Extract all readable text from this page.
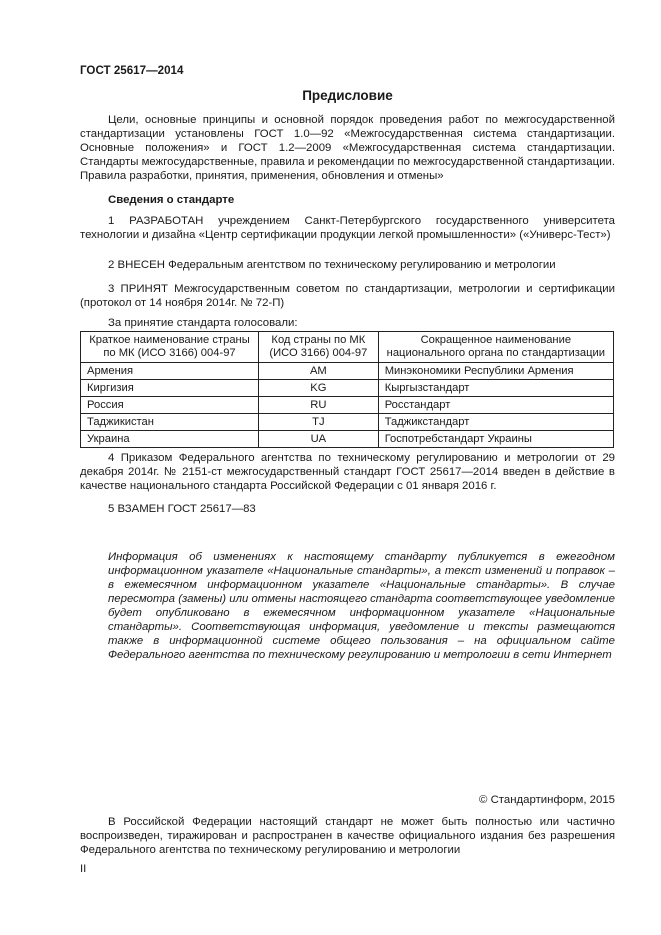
ГОСТ 25617—2014
Предисловие
Цели, основные принципы и основной порядок проведения работ по межгосударственной стандартизации установлены ГОСТ 1.0—92 «Межгосударственная система стандартизации. Основные положения» и ГОСТ 1.2—2009 «Межгосударственная система стандартизации. Стандарты межгосударственные, правила и рекомендации по межгосударственной стандартизации. Правила разработки, принятия, применения, обновления и отмены»
Сведения о стандарте
1 РАЗРАБОТАН учреждением Санкт-Петербургского государственного университета технологии и дизайна «Центр сертификации продукции легкой промышленности» («Универс-Тест»)
2 ВНЕСЕН Федеральным агентством по техническому регулированию и метрологии
3 ПРИНЯТ Межгосударственным советом по стандартизации, метрологии и сертификации (протокол от 14 ноября 2014г. № 72-П)
За принятие стандарта голосовали:
Краткое наименование страны по МК (ИСО 3166) 004-97	Код страны по МК (ИСО 3166) 004-97	Сокращенное наименование национального органа по стандартизации
Армения	AM	Минэкономики Республики Армения
Киргизия	KG	Кыргызстандарт
Россия	RU	Росстандарт
Таджикистан	TJ	Таджикстандарт
Украина	UA	Госпотребстандарт Украины
4 Приказом Федерального агентства по техническому регулированию и метрологии от 29 декабря 2014г. № 2151-ст межгосударственный стандарт ГОСТ 25617—2014 введен в действие в качестве национального стандарта Российской Федерации с 01 января 2016 г.
5 ВЗАМЕН ГОСТ 25617—83
Информация об изменениях к настоящему стандарту публикуется в ежегодном информационном указателе «Национальные стандарты», а текст изменений и поправок – в ежемесячном информационном указателе «Национальные стандарты». В случае пересмотра (замены) или отмены настоящего стандарта соответствующее уведомление будет опубликовано в ежемесячном информационном указателе «Национальные стандарты». Соответствующая информация, уведомление и тексты размещаются также в информационной системе общего пользования – на официальном сайте Федерального агентства по техническому регулированию и метрологии в сети Интернет
© Стандартинформ, 2015
В Российской Федерации настоящий стандарт не может быть полностью или частично воспроизведен, тиражирован и распространен в качестве официального издания без разрешения Федерального агентства по техническому регулированию и метрологии
II
